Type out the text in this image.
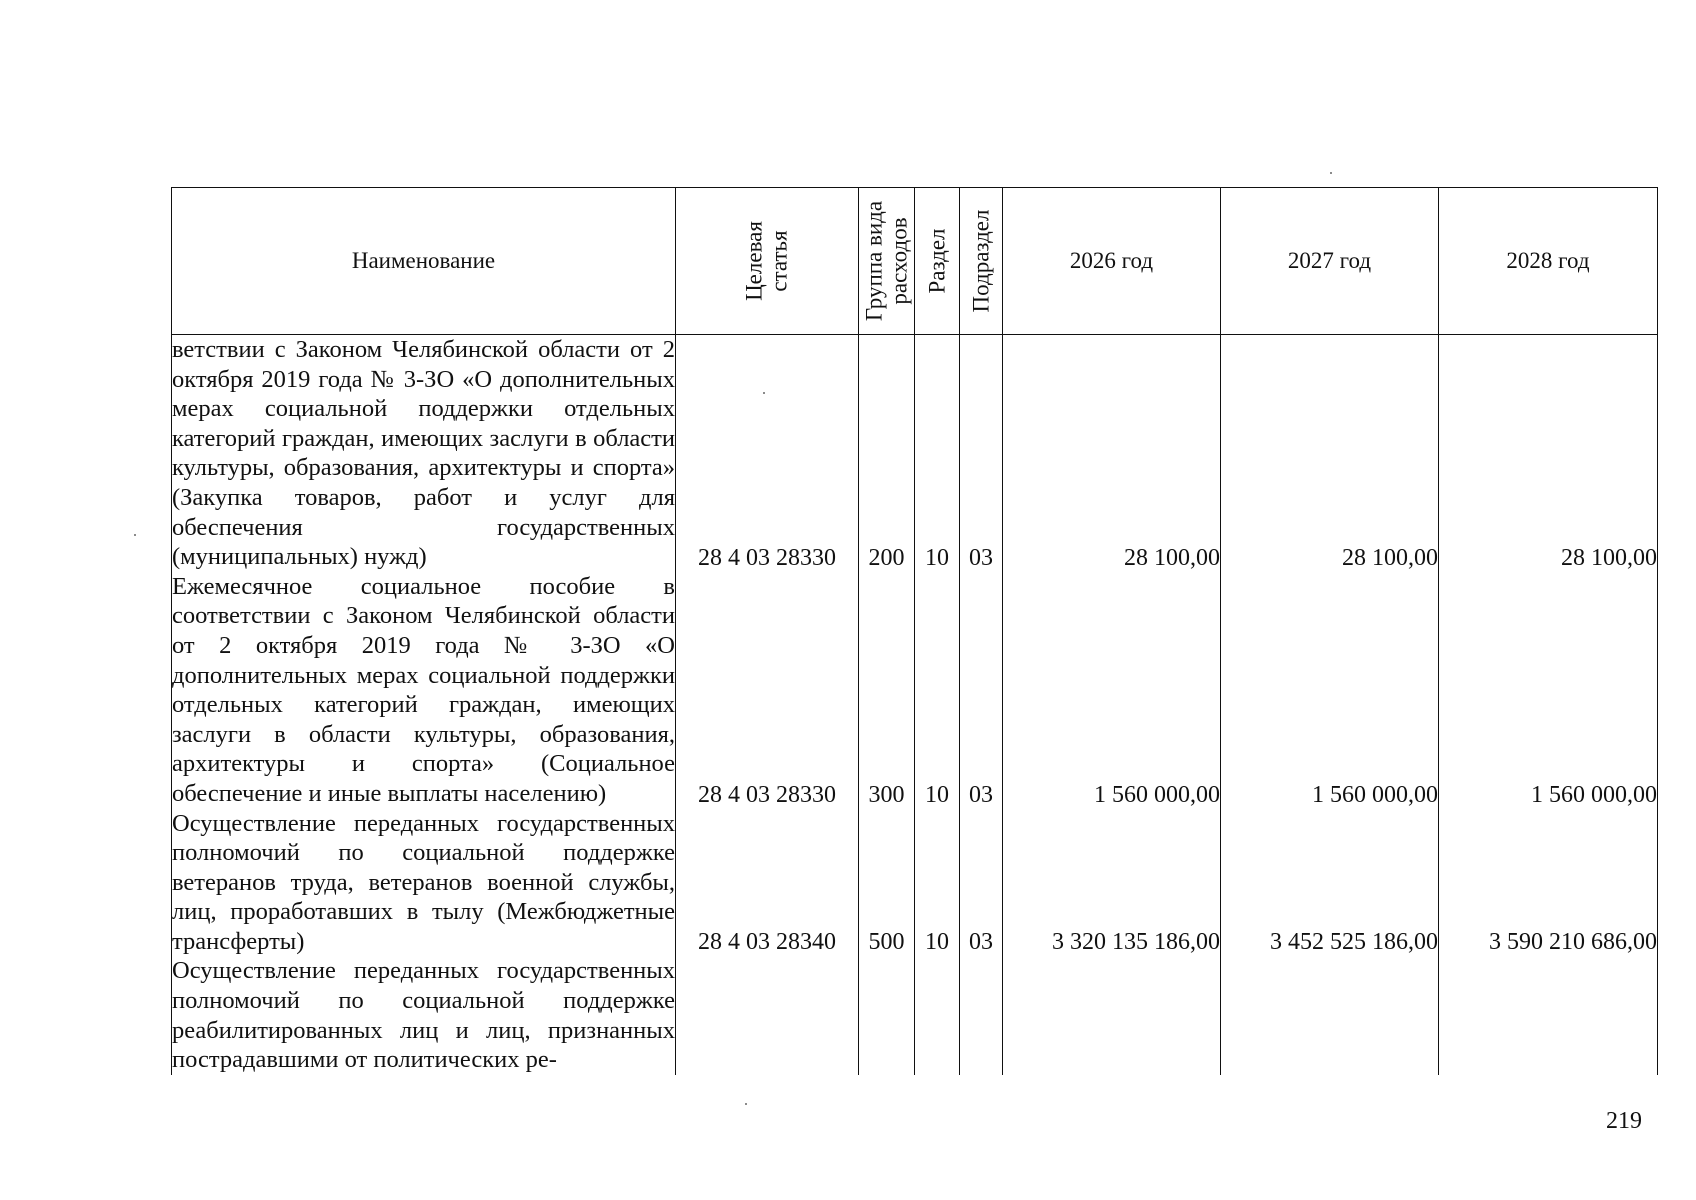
Наименование	Целевая статья	Группа вида расходов	Раздел	Подраздел	2026 год	2027 год	2028 год
ветствии с Законом Челябинской области от 2 октября 2019 года № 3-ЗО «О дополнительных мерах социальной поддержки отдельных категорий граждан, имеющих заслуги в области культуры, образования, архитектуры и спорта» (Закупка товаров, работ и услуг для обеспечения государственных (муниципальных) нужд)	28 4 03 28330	200	10	03	28 100,00	28 100,00	28 100,00
Ежемесячное социальное пособие в соответствии с Законом Челябинской области от 2 октября 2019 года № 3-ЗО «О дополнительных мерах социальной поддержки отдельных категорий граждан, имеющих заслуги в области культуры, образования, архитектуры и спорта» (Социальное обеспечение и иные выплаты населению)	28 4 03 28330	300	10	03	1 560 000,00	1 560 000,00	1 560 000,00
Осуществление переданных государственных полномочий по социальной поддержке ветеранов труда, ветеранов военной службы, лиц, проработавших в тылу (Межбюджетные трансферты)	28 4 03 28340	500	10	03	3 320 135 186,00	3 452 525 186,00	3 590 210 686,00
Осуществление переданных государственных полномочий по социальной поддержке реабилитированных лиц и лиц, признанных пострадавшими от политических ре-							
219
